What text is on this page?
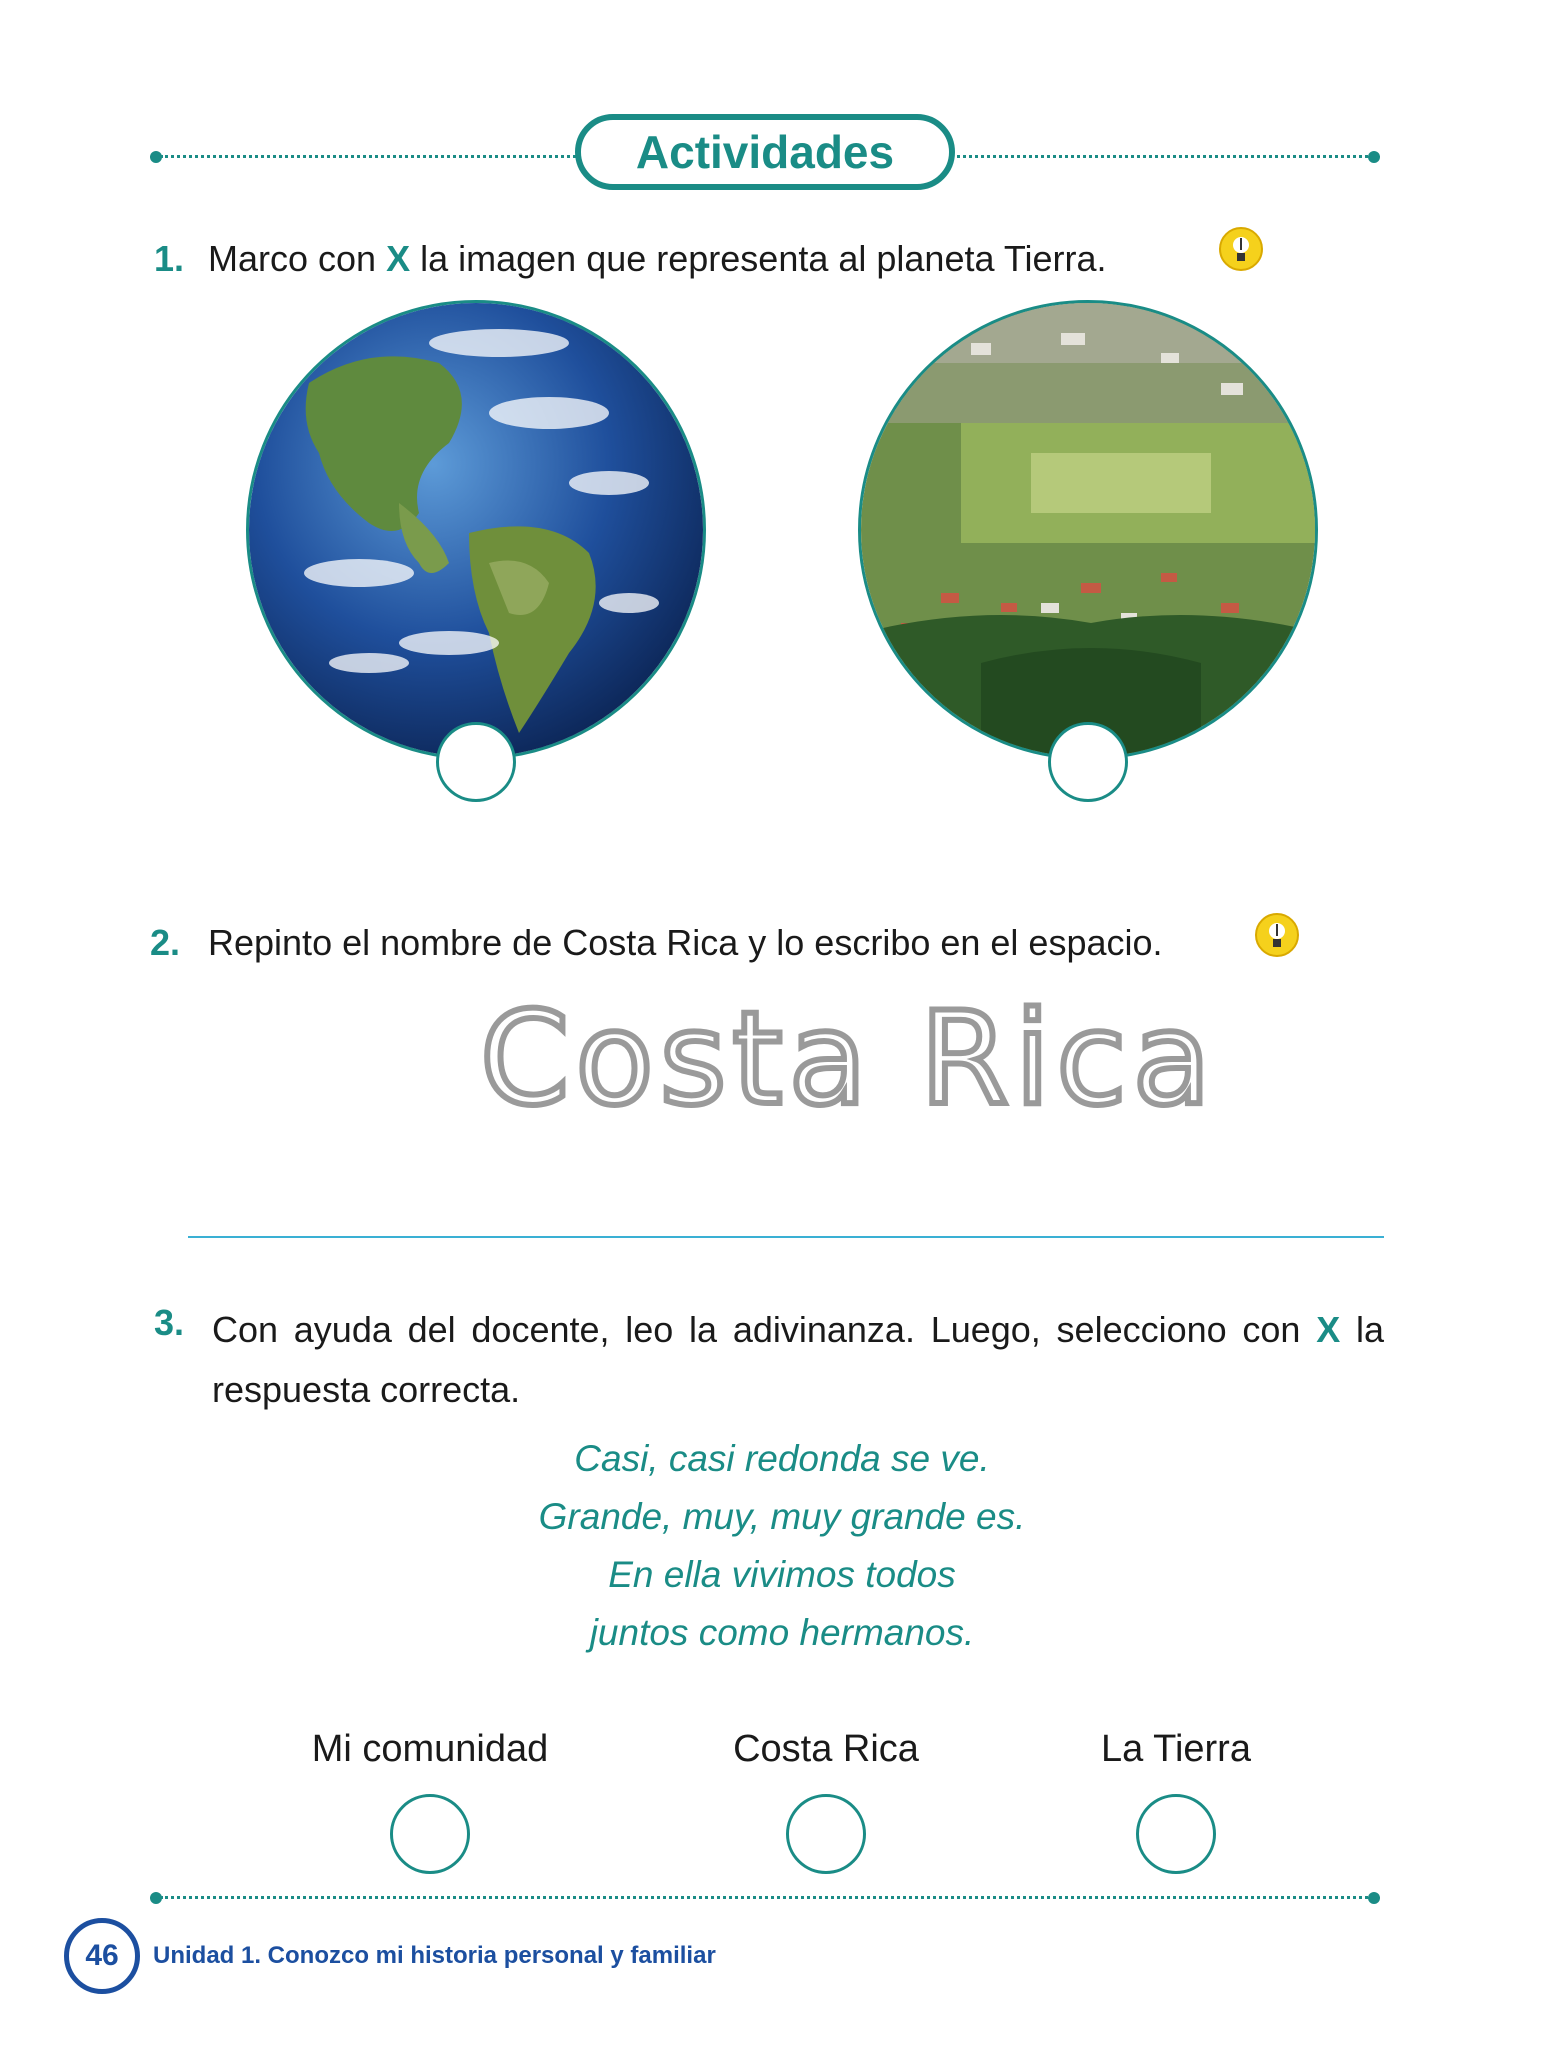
Actividades
1. Marco con X la imagen que representa al planeta Tierra.
2. Repinto el nombre de Costa Rica y lo escribo en el espacio.
Costa Rica
3. Con ayuda del docente, leo la adivinanza. Luego, selecciono con X la respuesta correcta.
Casi, casi redonda se ve.
Grande, muy, muy grande es.
En ella vivimos todos
juntos como hermanos.
Mi comunidad	Costa Rica	La Tierra
46 Unidad 1. Conozco mi historia personal y familiar
